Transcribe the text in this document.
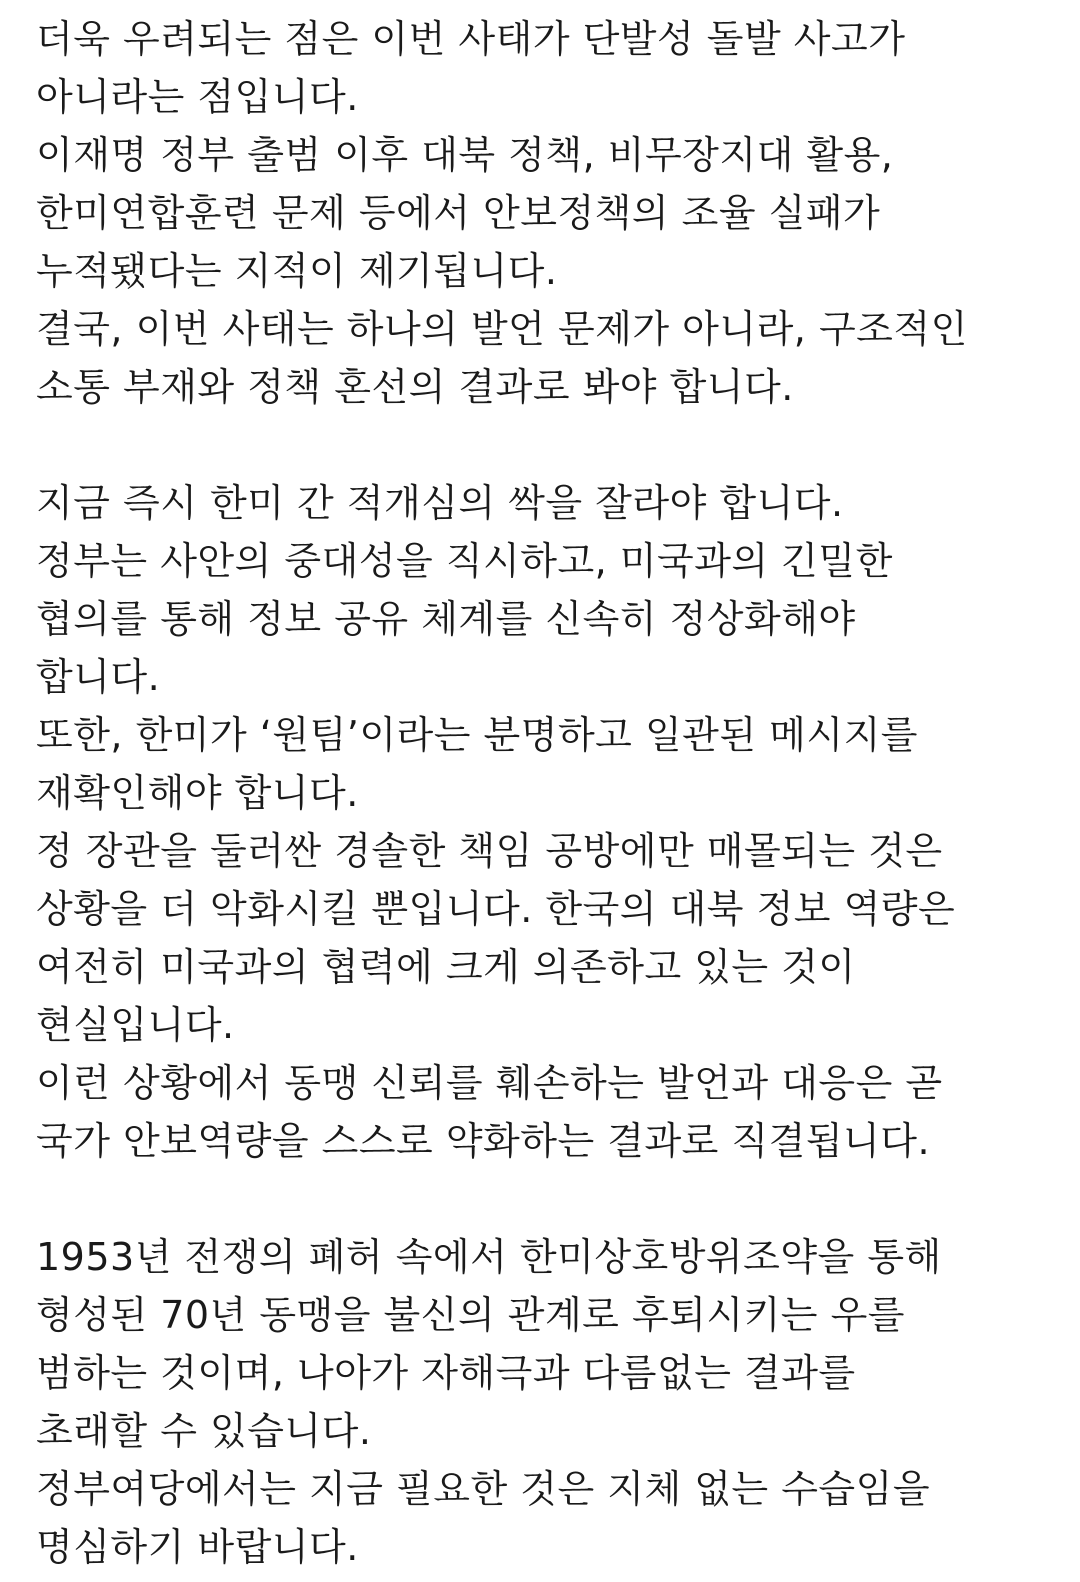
더욱 우려되는 점은 이번 사태가 단발성 돌발 사고가
아니라는 점입니다.
이재명 정부 출범 이후 대북 정책, 비무장지대 활용,
한미연합훈련 문제 등에서 안보정책의 조율 실패가
누적됐다는 지적이 제기됩니다.
결국, 이번 사태는 하나의 발언 문제가 아니라, 구조적인
소통 부재와 정책 혼선의 결과로 봐야 합니다.
지금 즉시 한미 간 적개심의 싹을 잘라야 합니다.
정부는 사안의 중대성을 직시하고, 미국과의 긴밀한
협의를 통해 정보 공유 체계를 신속히 정상화해야
합니다.
또한, 한미가 ‘원팀’이라는 분명하고 일관된 메시지를
재확인해야 합니다.
정 장관을 둘러싼 경솔한 책임 공방에만 매몰되는 것은
상황을 더 악화시킬 뿐입니다. 한국의 대북 정보 역량은
여전히 미국과의 협력에 크게 의존하고 있는 것이
현실입니다.
이런 상황에서 동맹 신뢰를 훼손하는 발언과 대응은 곧
국가 안보역량을 스스로 약화하는 결과로 직결됩니다.
1953년 전쟁의 폐허 속에서 한미상호방위조약을 통해
형성된 70년 동맹을 불신의 관계로 후퇴시키는 우를
범하는 것이며, 나아가 자해극과 다름없는 결과를
초래할 수 있습니다.
정부여당에서는 지금 필요한 것은 지체 없는 수습임을
명심하기 바랍니다.
